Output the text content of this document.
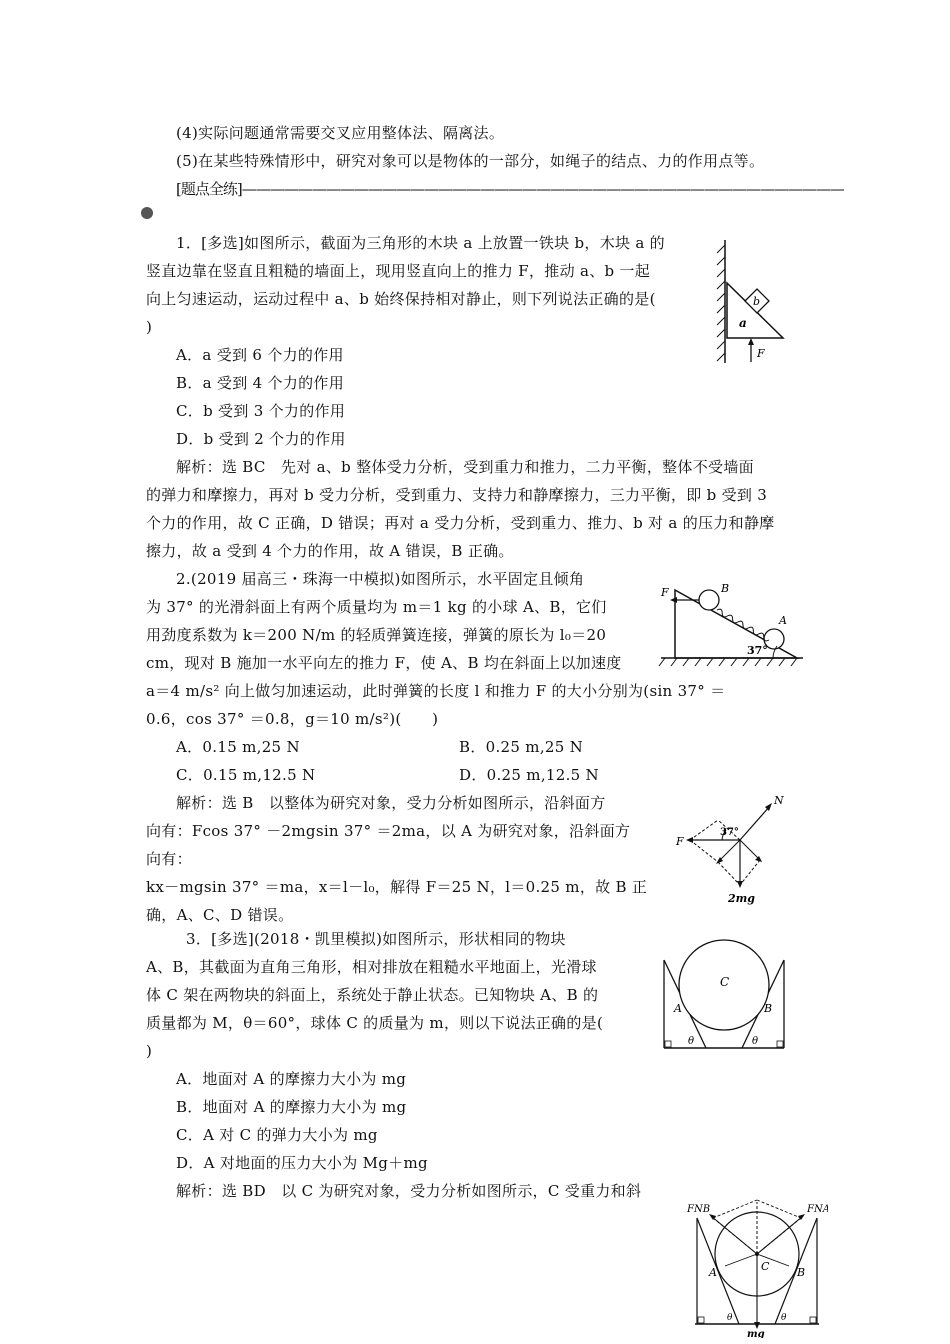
(4)实际问题通常需要交叉应用整体法、隔离法。
(5)在某些特殊情形中，研究对象可以是物体的一部分，如绳子的结点、力的作用点等。
[题点全练]———————————————————————————————————————————
1．[多选]如图所示，截面为三角形的木块 a 上放置一铁块 b，木块 a 的
竖直边靠在竖直且粗糙的墙面上，现用竖直向上的推力 F，推动 a、b 一起
向上匀速运动，运动过程中 a、b 始终保持相对静止，则下列说法正确的是(
)
A．a 受到 6 个力的作用
B．a 受到 4 个力的作用
C．b 受到 3 个力的作用
D．b 受到 2 个力的作用
解析：选 BC　先对 a、b 整体受力分析，受到重力和推力，二力平衡，整体不受墙面
的弹力和摩擦力，再对 b 受力分析，受到重力、支持力和静摩擦力，三力平衡，即 b 受到 3
个力的作用，故 C 正确，D 错误；再对 a 受力分析，受到重力、推力、b 对 a 的压力和静摩
擦力，故 a 受到 4 个力的作用，故 A 错误，B 正确。
b
a
F
2.(2019 届高三・珠海一中模拟)如图所示，水平固定且倾角
为 37° 的光滑斜面上有两个质量均为 m＝1 kg 的小球 A、B，它们
用劲度系数为 k＝200 N/m 的轻质弹簧连接，弹簧的原长为 l₀＝20
cm，现对 B 施加一水平向左的推力 F，使 A、B 均在斜面上以加速度
a＝4 m/s² 向上做匀加速运动，此时弹簧的长度 l 和推力 F 的大小分别为(sin 37° ＝
0.6，cos 37° ＝0.8，g＝10 m/s²)(　　)
A．0.15 m,25 N	B．0.25 m,25 N
C．0.15 m,12.5 N	D．0.25 m,12.5 N
解析：选 B　以整体为研究对象，受力分析如图所示，沿斜面方
向有：Fcos 37° －2mgsin 37° ＝2ma，以 A 为研究对象，沿斜面方
向有：
kx－mgsin 37° ＝ma，x＝l－l₀，解得 F＝25 N，l＝0.25 m，故 B 正
确，A、C、D 错误。
F	B
A
37°
N
F
2mg
37°
3．[多选](2018・凯里模拟)如图所示，形状相同的物块
A、B，其截面为直角三角形，相对排放在粗糙水平地面上，光滑球
体 C 架在两物块的斜面上，系统处于静止状态。已知物块 A、B 的
质量都为 M，θ＝60°，球体 C 的质量为 m，则以下说法正确的是(
)
A．地面对 A 的摩擦力大小为 mg
B．地面对 A 的摩擦力大小为 mg
C．A 对 C 的弹力大小为 mg
D．A 对地面的压力大小为 Mg＋mg
解析：选 BD　以 C 为研究对象，受力分析如图所示，C 受重力和斜
C
A	B
θ	θ
FNB	FNA
C
A	B
θ	θ
mg
